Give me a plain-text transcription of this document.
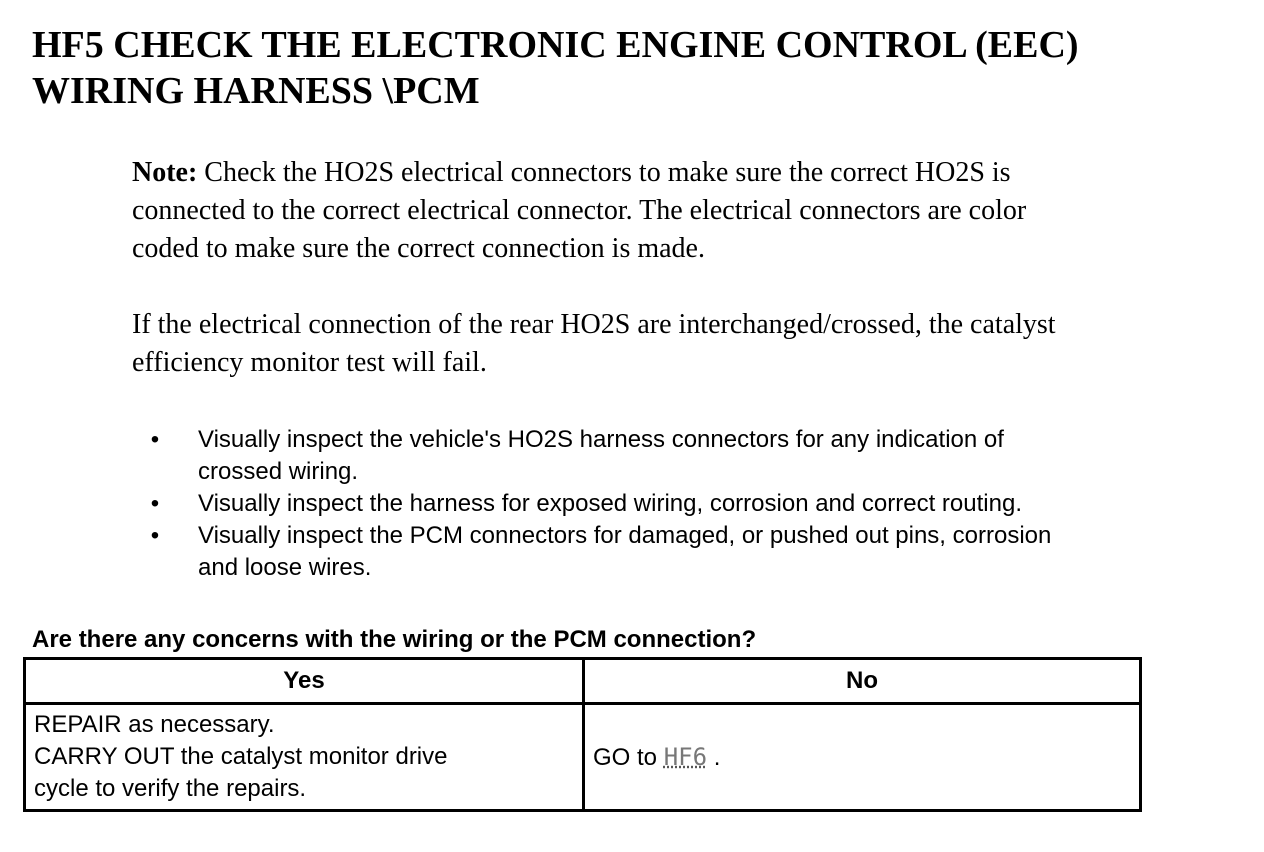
HF5 CHECK THE ELECTRONIC ENGINE CONTROL (EEC)
WIRING HARNESS \PCM

Note: Check the HO2S electrical connectors to make sure the correct HO2S is
connected to the correct electrical connector. The electrical connectors are color
coded to make sure the correct connection is made.

If the electrical connection of the rear HO2S are interchanged/crossed, the catalyst
efficiency monitor test will fail.

• Visually inspect the vehicle's HO2S harness connectors for any indication of
crossed wiring.
• Visually inspect the harness for exposed wiring, corrosion and correct routing.
• Visually inspect the PCM connectors for damaged, or pushed out pins, corrosion
and loose wires.

Are there any concerns with the wiring or the PCM connection?

Yes	No

REPAIR as necessary.
CARRY OUT the catalyst monitor drive
cycle to verify the repairs.	GO to HF6 .
